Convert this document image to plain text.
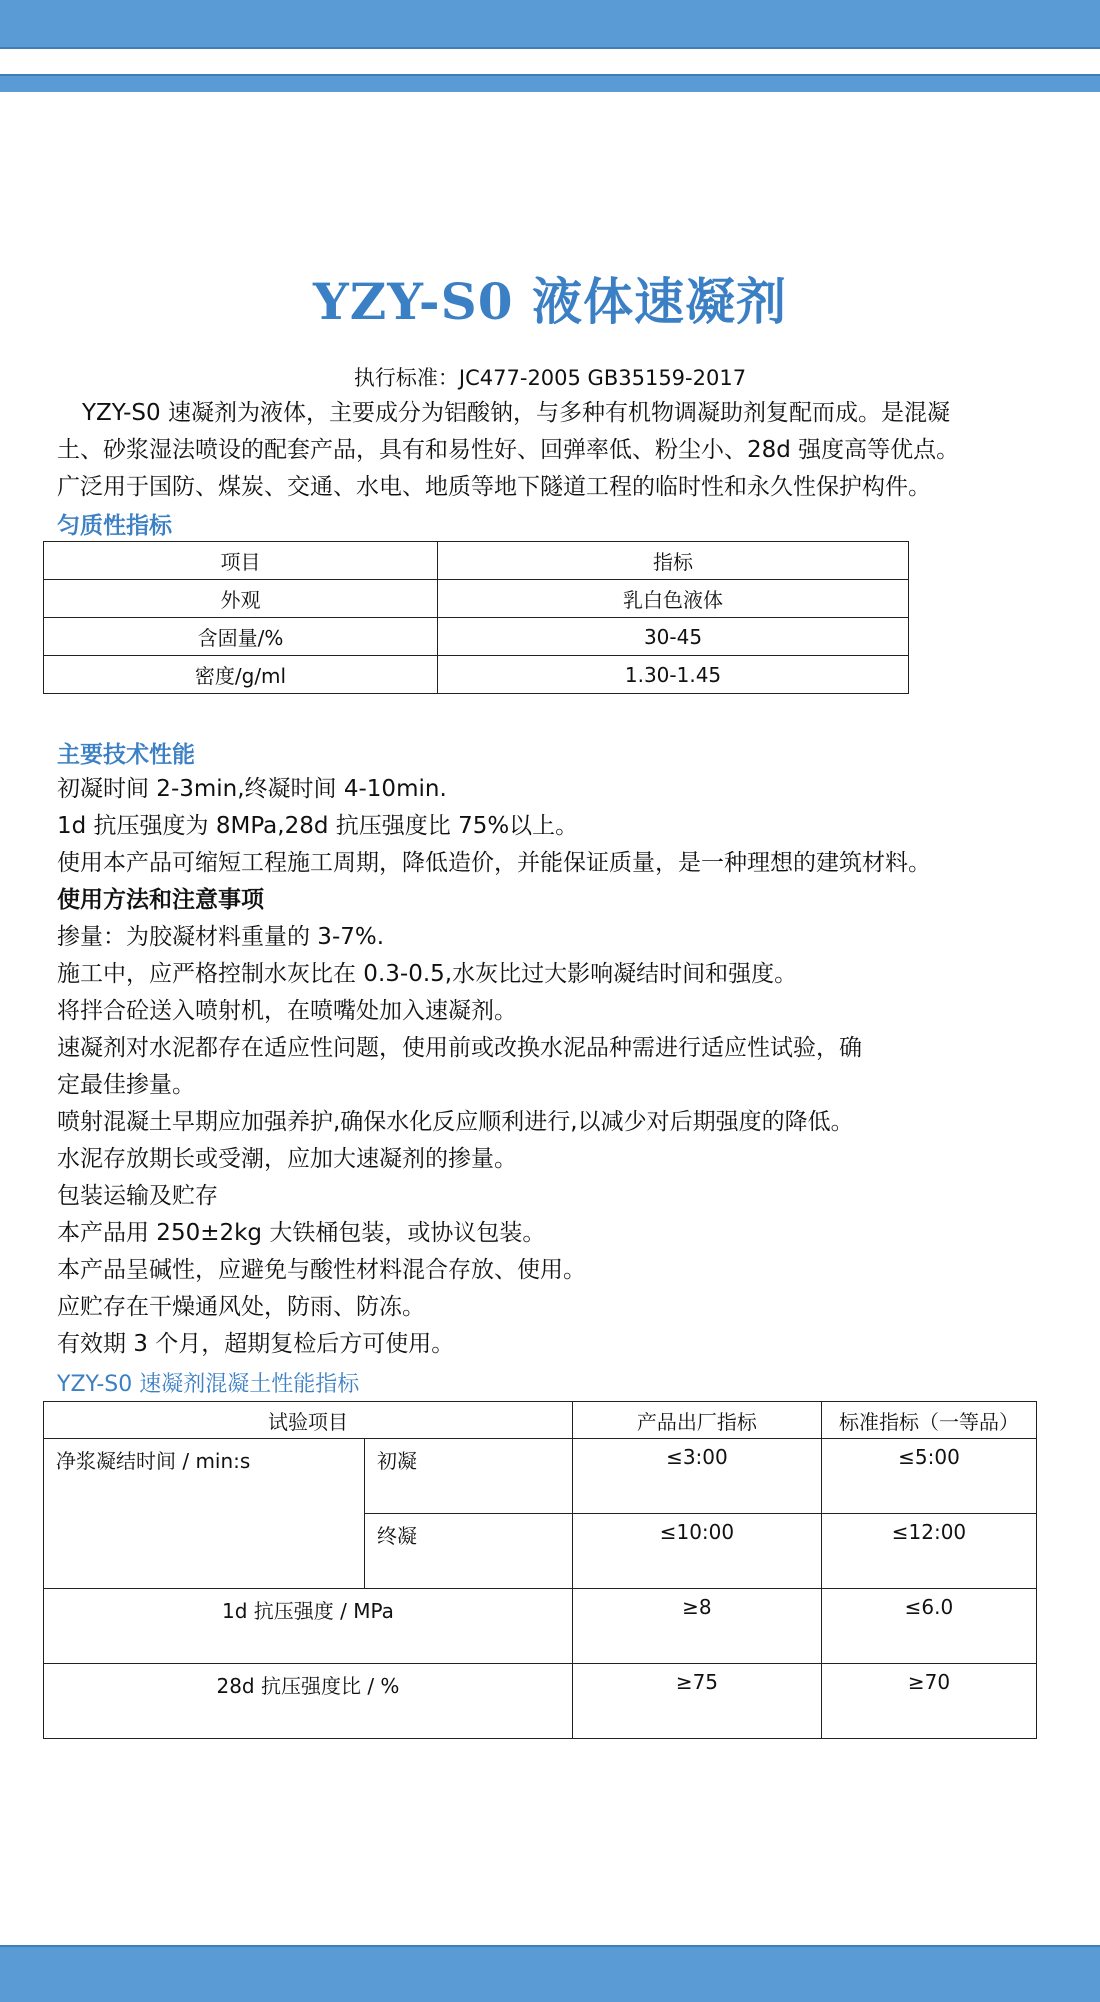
YZY-S0 液体速凝剂
执行标准：JC477-2005 GB35159-2017

YZY-S0 速凝剂为液体，主要成分为铝酸钠，与多种有机物调凝助剂复配而成。是混凝

土、砂浆湿法喷设的配套产品，具有和易性好、回弹率低、粉尘小、28d 强度高等优点。

广泛用于国防、煤炭、交通、水电、地质等地下隧道工程的临时性和永久性保护构件。

匀质性指标
项目	指标
外观	乳白色液体
含固量/%	30-45
密度/g/ml	1.30-1.45
主要技术性能
初凝时间 2-3min,终凝时间 4-10min.
1d 抗压强度为 8MPa,28d 抗压强度比 75%以上。
使用本产品可缩短工程施工周期，降低造价，并能保证质量，是一种理想的建筑材料。
使用方法和注意事项
掺量：为胶凝材料重量的 3-7%.
施工中，应严格控制水灰比在 0.3-0.5,水灰比过大影响凝结时间和强度。
将拌合砼送入喷射机，在喷嘴处加入速凝剂。
速凝剂对水泥都存在适应性问题，使用前或改换水泥品种需进行适应性试验，确
定最佳掺量。
喷射混凝土早期应加强养护,确保水化反应顺利进行,以减少对后期强度的降低。
水泥存放期长或受潮，应加大速凝剂的掺量。
包装运输及贮存
本产品用 250±2kg 大铁桶包装，或协议包装。
本产品呈碱性，应避免与酸性材料混合存放、使用。
应贮存在干燥通风处，防雨、防冻。
有效期 3 个月，超期复检后方可使用。
YZY-S0 速凝剂混凝土性能指标
试验项目		产品出厂指标	标准指标（一等品）
净浆凝结时间 / min:s	初凝	≤3:00	≤5:00
	终凝	≤10:00	≤12:00
1d 抗压强度 / MPa		≥8	≤6.0
28d 抗压强度比 / %		≥75	≥70
